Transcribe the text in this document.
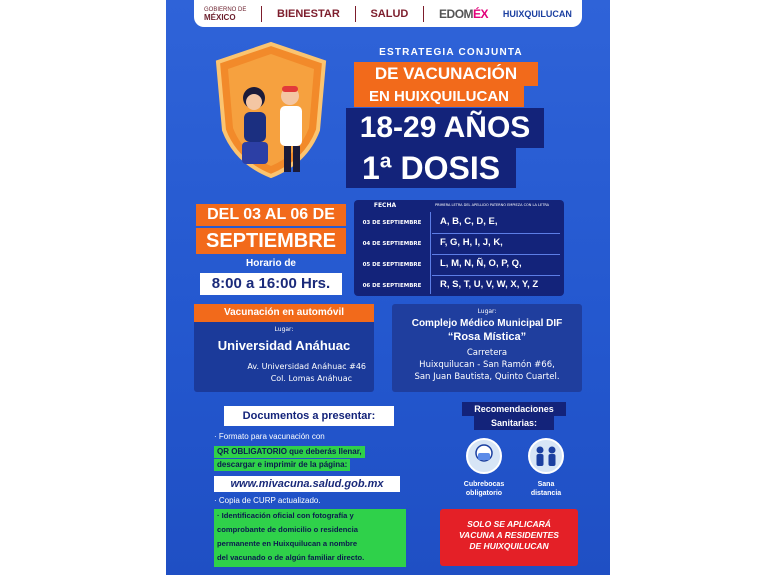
GOBIERNO DE
MÉXICO	BIENESTAR	SALUD	EDOMÉX HUIXQUILUCAN
ESTRATEGIA CONJUNTA
DE VACUNACIÓN
EN HUIXQUILUCAN
18-29 AÑOS
1ª DOSIS
DEL 03 AL 06 DE
SEPTIEMBRE
Horario de
8:00 a 16:00 Hrs.
FECHA	PRIMERA LETRA DEL APELLIDO PATERNO EMPIEZA CON LA LETRA
03 DE SEPTIEMBRE	A, B, C, D, E,
04 DE SEPTIEMBRE	F, G, H, I, J, K,
05 DE SEPTIEMBRE	L, M, N, Ñ, O, P, Q,
06 DE SEPTIEMBRE	R, S, T, U, V, W, X, Y, Z
Vacunación en automóvil
Lugar:
Universidad Anáhuac
Av. Universidad Anáhuac #46
Col. Lomas Anáhuac
Lugar:
Complejo Médico Municipal DIF
“Rosa Mística”
Carretera
Huixquilucan - San Ramón #66,
San Juan Bautista, Quinto Cuartel.
Documentos a presentar:
· Formato para vacunación con
QR OBLIGATORIO que deberás llenar,
descargar e imprimir de la página:
www.mivacuna.salud.gob.mx
· Copia de CURP actualizado.
· Identificación oficial con fotografía y
comprobante de domicilio o residencia
permanente en Huixquilucan a nombre
del vacunado o de algún familiar directo.
Recomendaciones
Sanitarias:
Cubrebocas
obligatorio
Sana
distancia
SOLO SE APLICARÁ
VACUNA A RESIDENTES
DE HUIXQUILUCAN
